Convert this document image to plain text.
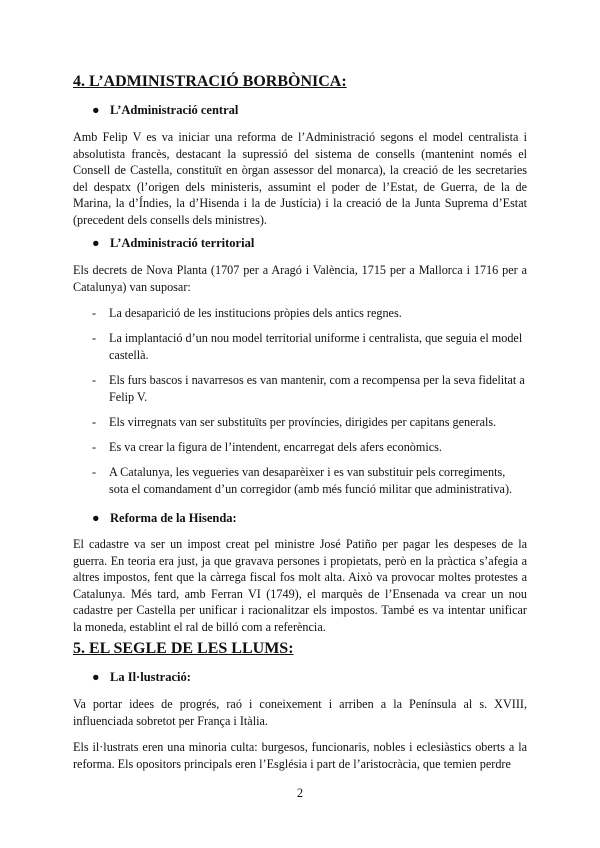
4. L’ADMINISTRACIÓ BORBÒNICA:
● L’Administració central

Amb Felip V es va iniciar una reforma de l’Administració segons el model centralista i absolutista francès, destacant la supressió del sistema de consells (mantenint només el Consell de Castella, constituït en òrgan assessor del monarca), la creació de les secretaries del despatx (l’origen dels ministeris, assumint el poder de l’Estat, de Guerra, de la de Marina, la d’Índies, la d’Hisenda i la de Justícia) i la creació de la Junta Suprema d’Estat (precedent dels consells dels ministres).

● L’Administració territorial

Els decrets de Nova Planta (1707 per a Aragó i València, 1715 per a Mallorca i 1716 per a Catalunya) van suposar:

- La desaparició de les institucions pròpies dels antics regnes.
- La implantació d’un nou model territorial uniforme i centralista, que seguia el model castellà.
- Els furs bascos i navarresos es van mantenir, com a recompensa per la seva fidelitat a Felip V.
- Els virregnats van ser substituïts per províncies, dirigides per capitans generals.
- Es va crear la figura de l’intendent, encarregat dels afers econòmics.
- A Catalunya, les vegueries van desaparèixer i es van substituir pels corregiments, sota el comandament d’un corregidor (amb més funció militar que administrativa).
● Reforma de la Hisenda:

El cadastre va ser un impost creat pel ministre José Patiño per pagar les despeses de la guerra. En teoria era just, ja que gravava persones i propietats, però en la pràctica s’afegia a altres impostos, fent que la càrrega fiscal fos molt alta. Això va provocar moltes protestes a Catalunya. Més tard, amb Ferran VI (1749), el marquès de l’Ensenada va crear un nou cadastre per Castella per unificar i racionalitzar els impostos. També es va intentar unificar la moneda, establint el ral de billó com a referència.

5. EL SEGLE DE LES LLUMS:
● La Il·lustració:

Va portar idees de progrés, raó i coneixement i arriben a la Península al s. XVIII, influenciada sobretot per França i Itàlia.

Els il·lustrats eren una minoria culta: burgesos, funcionaris, nobles i eclesiàstics oberts a la reforma. Els opositors principals eren l’Església i part de l’aristocràcia, que temien perdre

2
